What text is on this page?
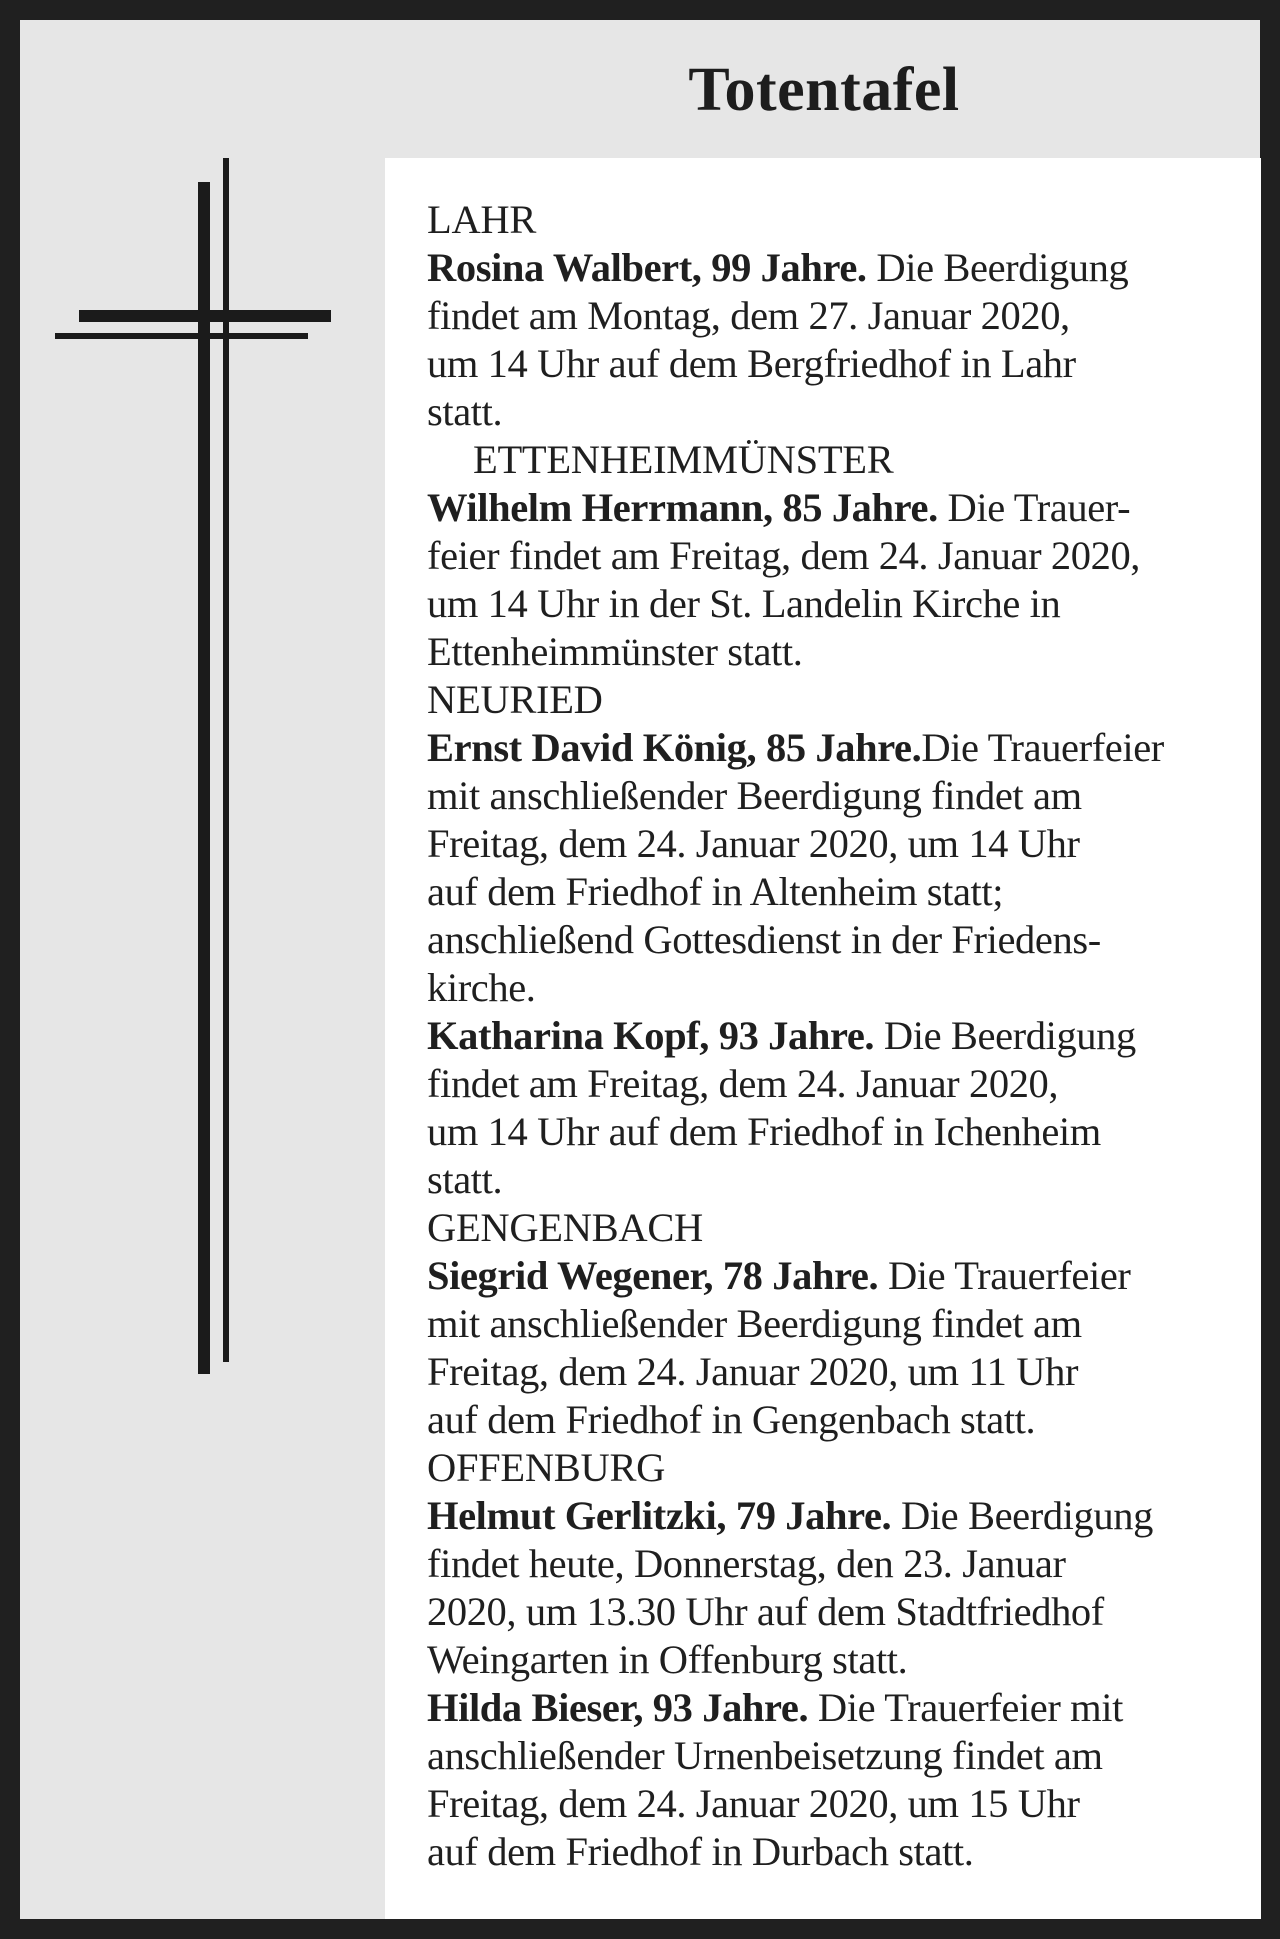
Totentafel
LAHR

Rosina Walbert, 99 Jahre. Die Beerdigung
findet am Montag, dem 27. Januar 2020,
um 14 Uhr auf dem Bergfriedhof in Lahr
statt.

ETTENHEIMMÜNSTER

Wilhelm Herrmann, 85 Jahre. Die Trauer-
feier findet am Freitag, dem 24. Januar 2020,
um 14 Uhr in der St. Landelin Kirche in
Ettenheimmünster statt.

NEURIED

Ernst David König, 85 Jahre.Die Trauerfeier
mit anschließender Beerdigung findet am
Freitag, dem 24. Januar 2020, um 14 Uhr
auf dem Friedhof in Altenheim statt;
anschließend Gottesdienst in der Friedens-
kirche.

Katharina Kopf, 93 Jahre. Die Beerdigung
findet am Freitag, dem 24. Januar 2020,
um 14 Uhr auf dem Friedhof in Ichenheim
statt.

GENGENBACH

Siegrid Wegener, 78 Jahre. Die Trauerfeier
mit anschließender Beerdigung findet am
Freitag, dem 24. Januar 2020, um 11 Uhr
auf dem Friedhof in Gengenbach statt.

OFFENBURG

Helmut Gerlitzki, 79 Jahre. Die Beerdigung
findet heute, Donnerstag, den 23. Januar
2020, um 13.30 Uhr auf dem Stadtfriedhof
Weingarten in Offenburg statt.

Hilda Bieser, 93 Jahre. Die Trauerfeier mit
anschließender Urnenbeisetzung findet am
Freitag, dem 24. Januar 2020, um 15 Uhr
auf dem Friedhof in Durbach statt.
